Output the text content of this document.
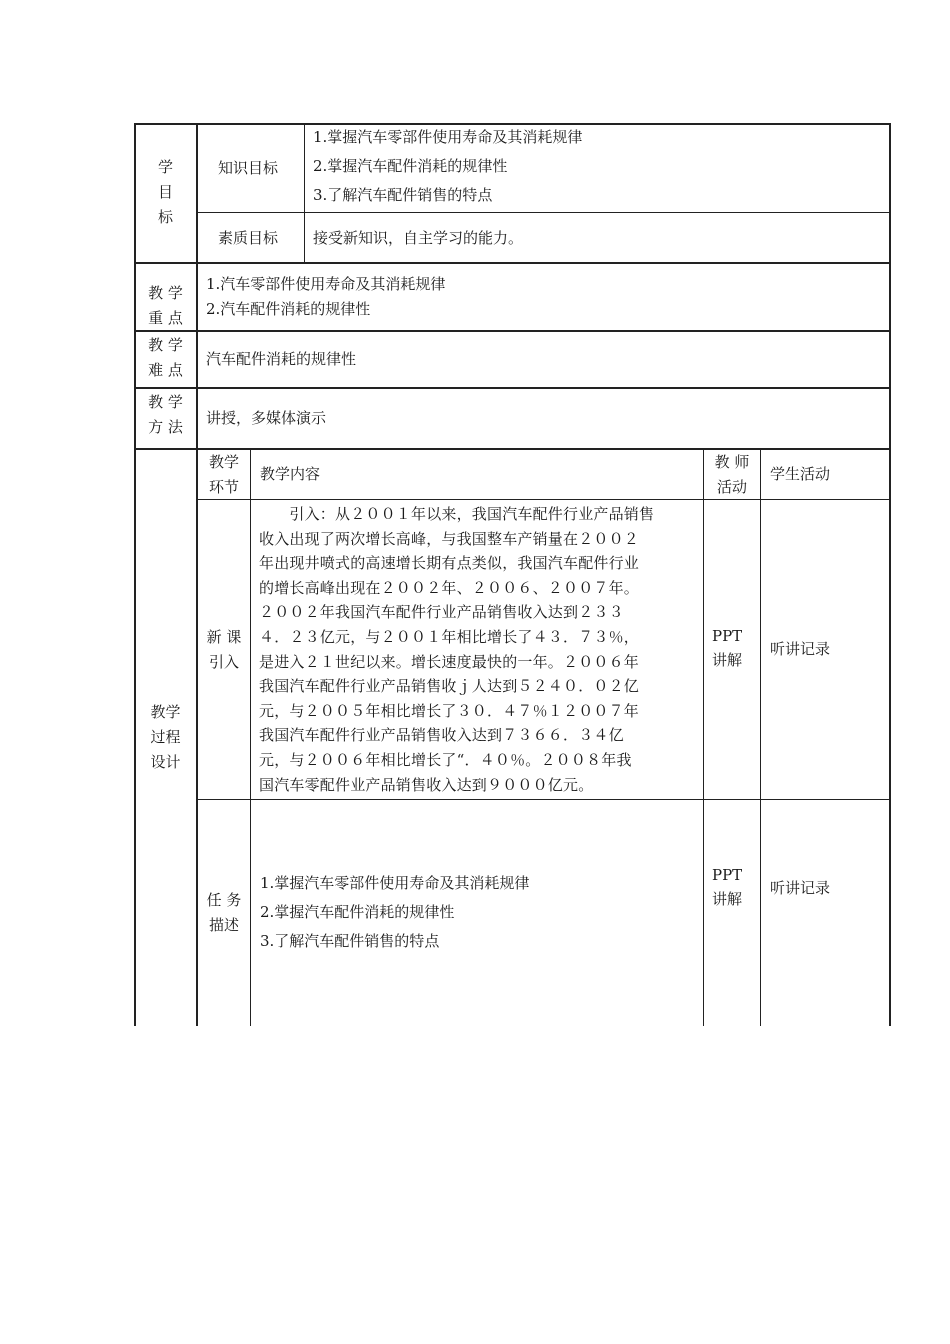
学
目
标
知识目标
1.掌握汽车零部件使用寿命及其消耗规律
2.掌握汽车配件消耗的规律性
3.了解汽车配件销售的特点
素质目标 接受新知识，自主学习的能力。
教 学
重 点
1.汽车零部件使用寿命及其消耗规律
2.汽车配件消耗的规律性
教 学
难 点
汽车配件消耗的规律性
教 学
方 法	讲授，多媒体演示
教学
过程
设计
教学
环节
教学内容
教 师
活动
学生活动
新 课
引入
　　引入：从２００１年以来，我国汽车配件行业产品销售
收入出现了两次增长高峰，与我国整车产销量在２００２
年出现井喷式的高速增长期有点类似，我国汽车配件行业
的增长高峰出现在２００２年、２００６、２００７年。
２００２年我国汽车配件行业产品销售收入达到２３３
４．２３亿元，与２００１年相比增长了４３．７３％，
是进入２１世纪以来。增长速度最快的一年。２００６年
我国汽车配件行业产品销售收ｊ人达到５２４０．０２亿
元，与２００５年相比增长了３０．４７％１２００７年
我国汽车配件行业产品销售收入达到７３６６．３４亿
元，与２００６年相比增长了“．４０％。２００８年我
国汽车零配件业产品销售收入达到９０００亿元。
PPT
讲解
听讲记录
任 务
描述
1.掌握汽车零部件使用寿命及其消耗规律
2.掌握汽车配件消耗的规律性
3.了解汽车配件销售的特点
PPT
讲解
听讲记录
